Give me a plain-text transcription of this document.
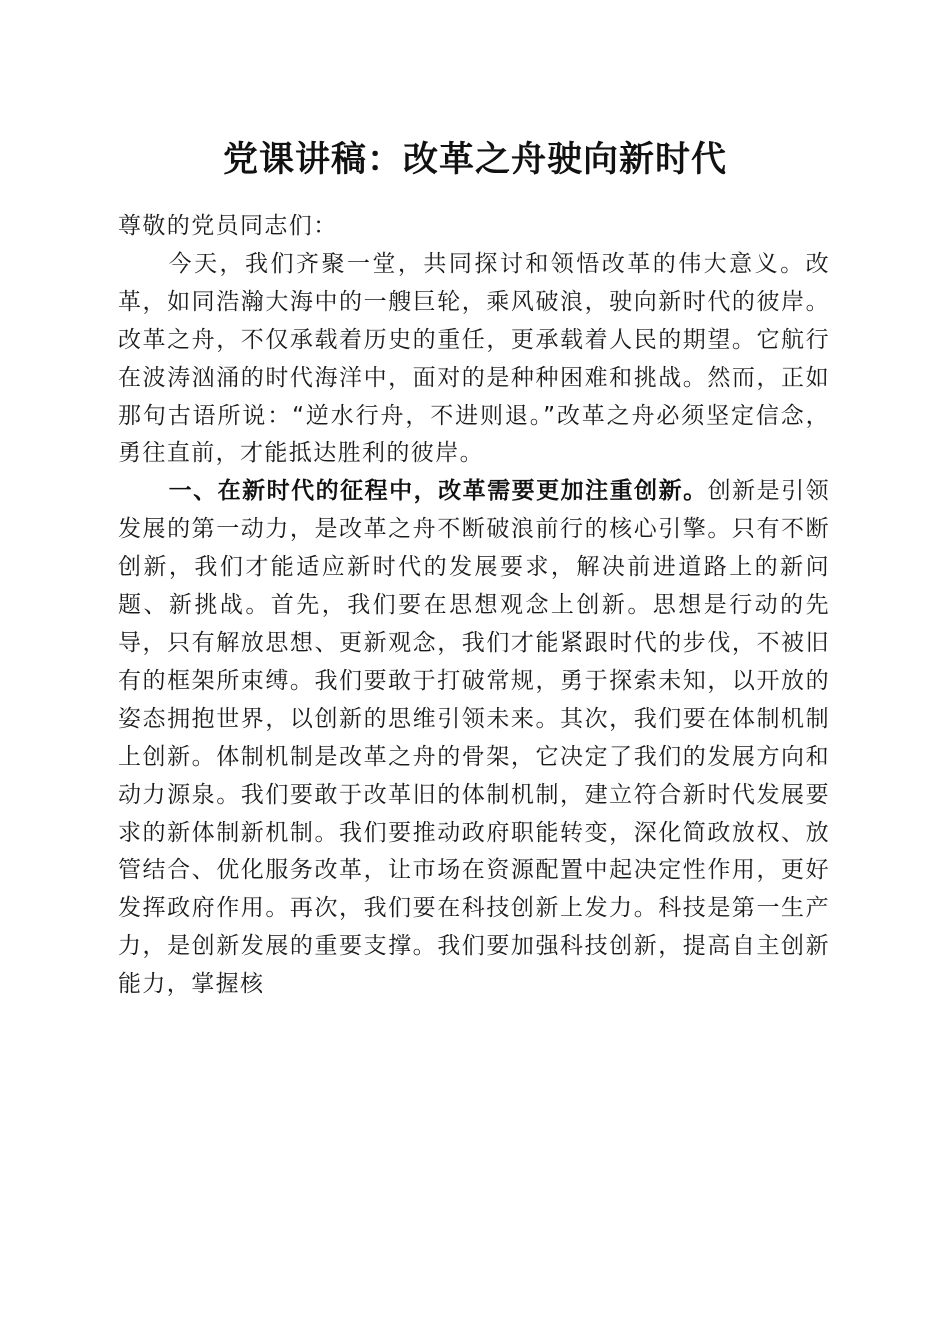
党课讲稿：改革之舟驶向新时代

尊敬的党员同志们：

今天，我们齐聚一堂，共同探讨和领悟改革的伟大意义。改革，如同浩瀚大海中的一艘巨轮，乘风破浪，驶向新时代的彼岸。改革之舟，不仅承载着历史的重任，更承载着人民的期望。它航行在波涛汹涌的时代海洋中，面对的是种种困难和挑战。然而，正如那句古语所说：“逆水行舟，不进则退。”改革之舟必须坚定信念，勇往直前，才能抵达胜利的彼岸。

一、在新时代的征程中，改革需要更加注重创新。创新是引领发展的第一动力，是改革之舟不断破浪前行的核心引擎。只有不断创新，我们才能适应新时代的发展要求，解决前进道路上的新问题、新挑战。首先，我们要在思想观念上创新。思想是行动的先导，只有解放思想、更新观念，我们才能紧跟时代的步伐，不被旧有的框架所束缚。我们要敢于打破常规，勇于探索未知，以开放的姿态拥抱世界，以创新的思维引领未来。其次，我们要在体制机制上创新。体制机制是改革之舟的骨架，它决定了我们的发展方向和动力源泉。我们要敢于改革旧的体制机制，建立符合新时代发展要求的新体制新机制。我们要推动政府职能转变，深化简政放权、放管结合、优化服务改革，让市场在资源配置中起决定性作用，更好发挥政府作用。再次，我们要在科技创新上发力。科技是第一生产力，是创新发展的重要支撑。我们要加强科技创新，提高自主创新能力，掌握核
